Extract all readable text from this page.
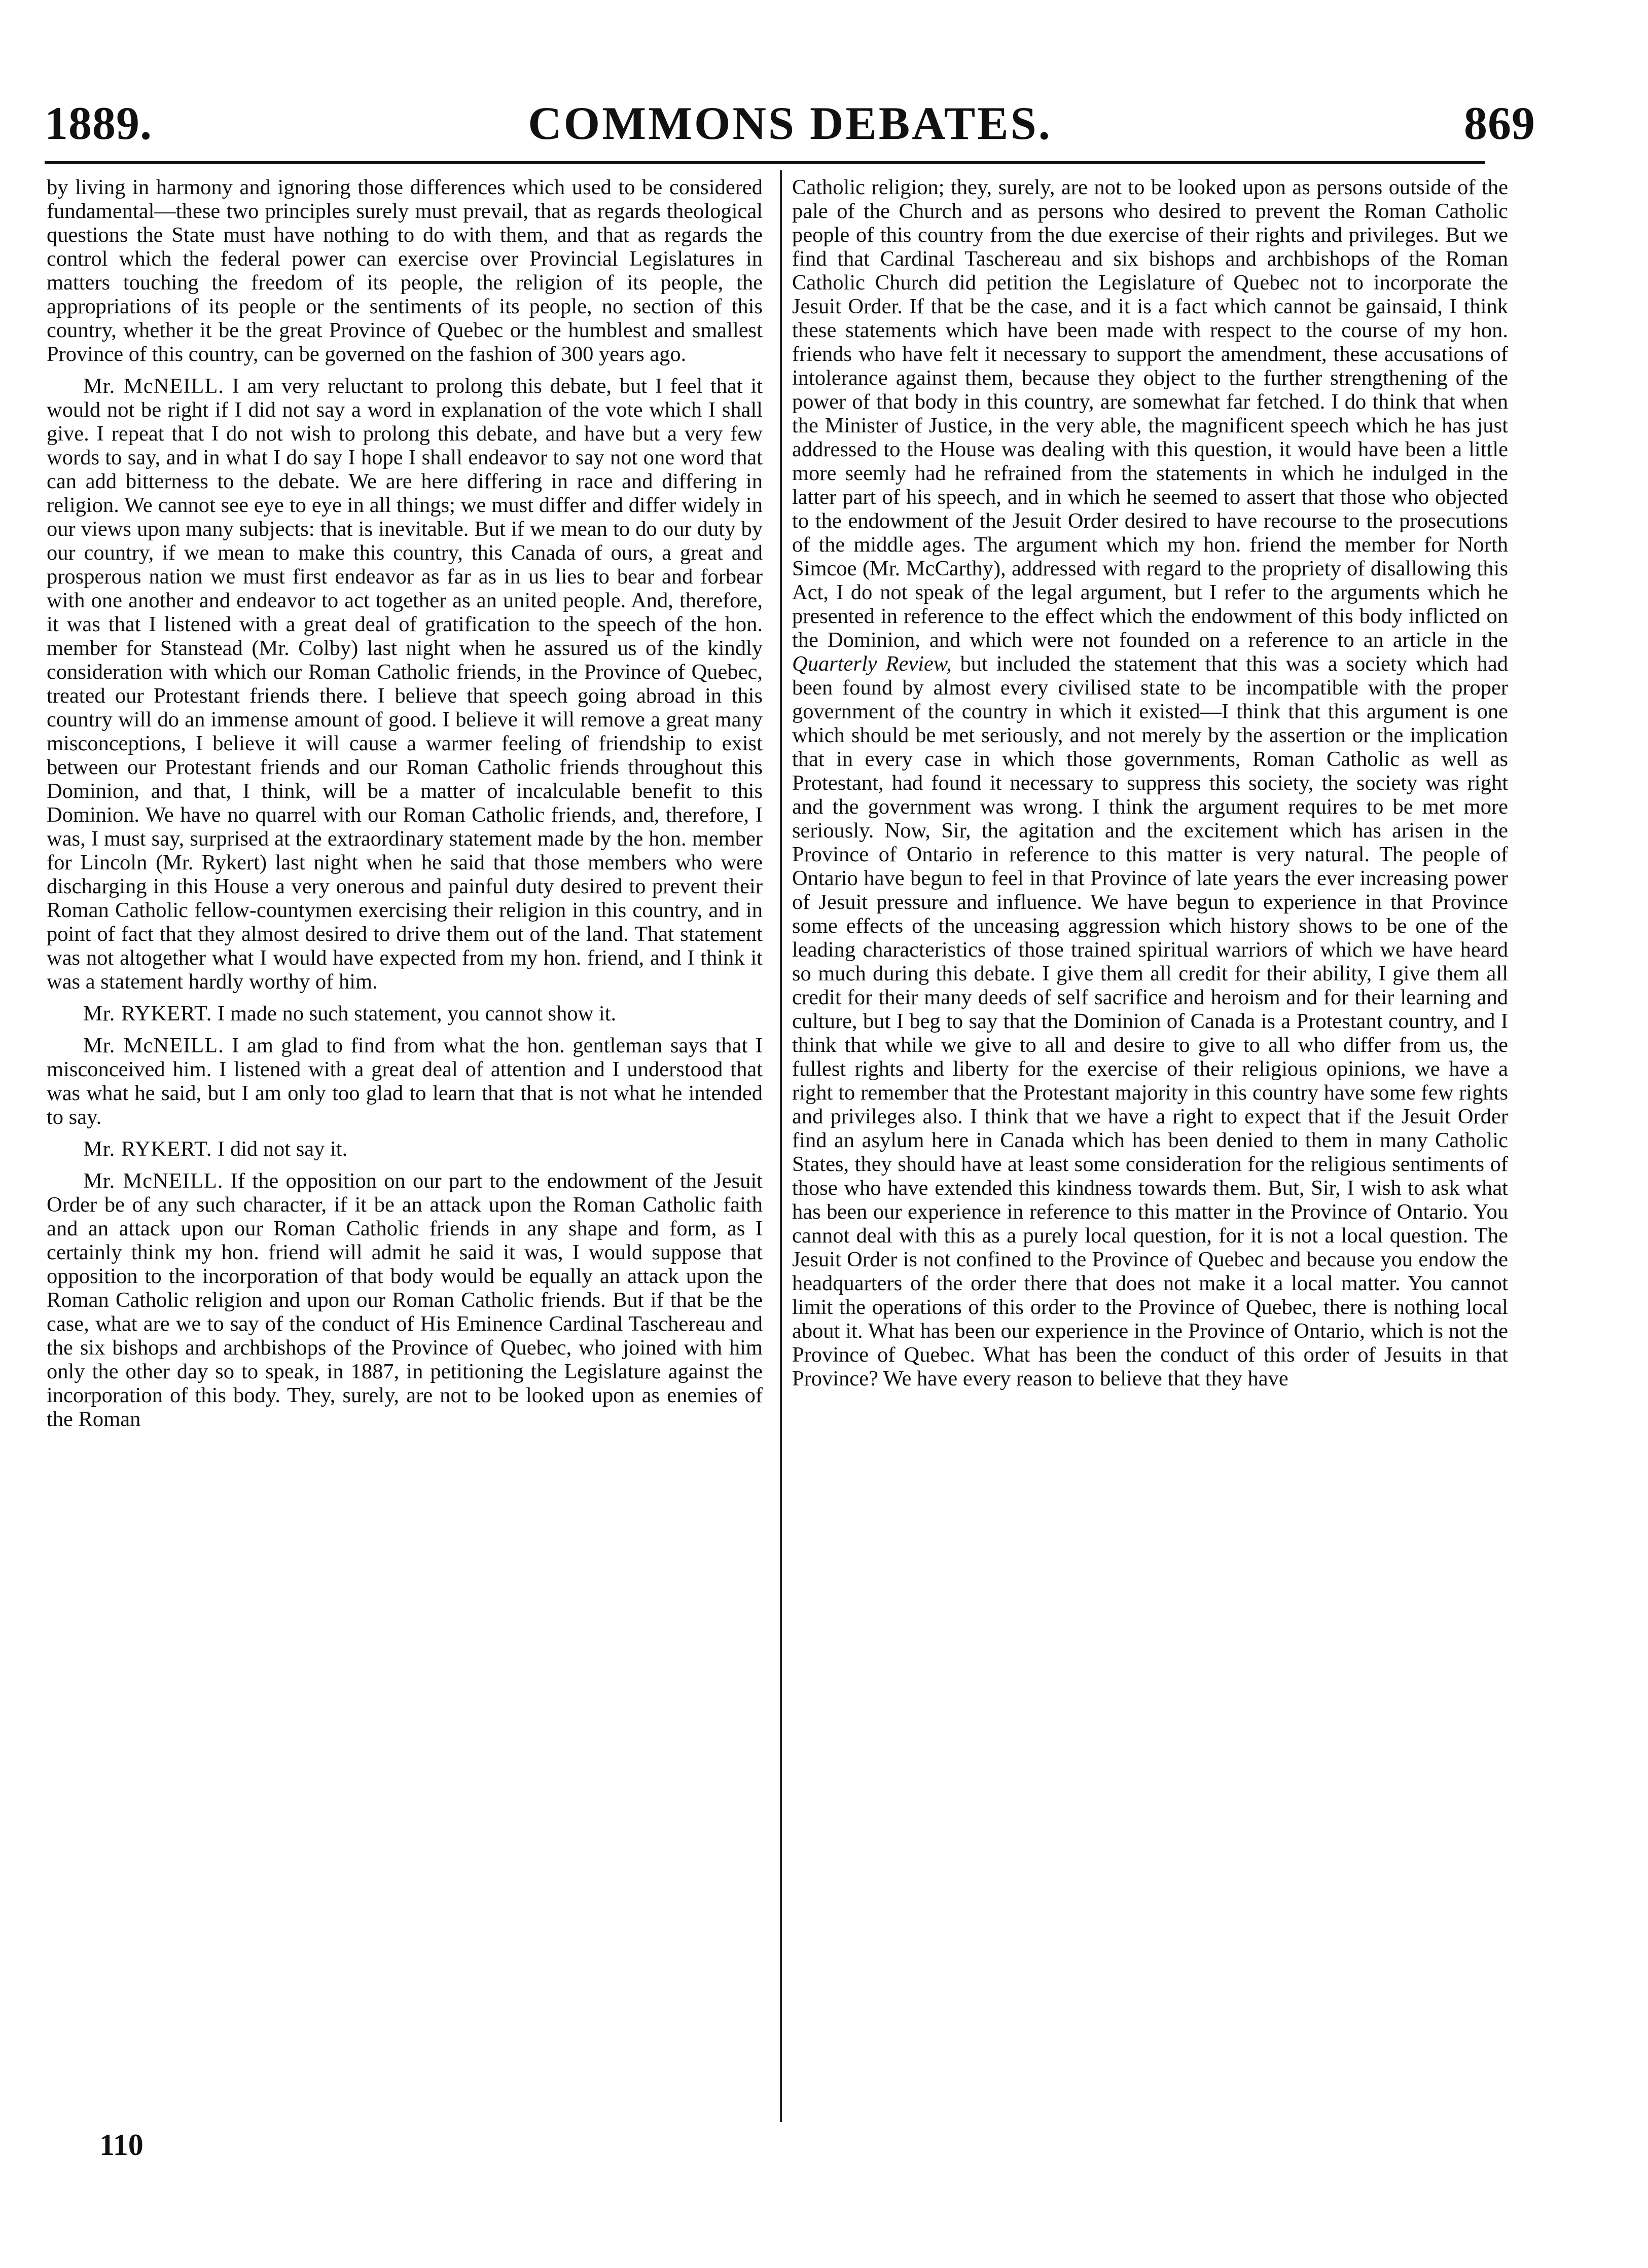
COMMONS DEBATES.
1889.	869

by living in harmony and ignoring those differences which used to be considered fundamental—these two principles surely must prevail, that as regards theological questions the State must have nothing to do with them, and that as regards the control which the federal power can exercise over Provincial Legislatures in matters touching the freedom of its people, the religion of its people, the appropriations of its people or the sentiments of its people, no section of this country, whether it be the great Province of Quebec or the humblest and smallest Province of this country, can be governed on the fashion of 300 years ago.

Mr. McNEILL. I am very reluctant to prolong this debate, but I feel that it would not be right if I did not say a word in explanation of the vote which I shall give. I repeat that I do not wish to prolong this debate, and have but a very few words to say, and in what I do say I hope I shall endeavor to say not one word that can add bitterness to the debate. We are here differing in race and differing in religion. We cannot see eye to eye in all things; we must differ and differ widely in our views upon many subjects: that is inevitable. But if we mean to do our duty by our country, if we mean to make this country, this Canada of ours, a great and prosperous nation we must first endeavor as far as in us lies to bear and forbear with one another and endeavor to act together as an united people. And, therefore, it was that I listened with a great deal of gratification to the speech of the hon. member for Stanstead (Mr. Colby) last night when he assured us of the kindly consideration with which our Roman Catholic friends, in the Province of Quebec, treated our Protestant friends there. I believe that speech going abroad in this country will do an immense amount of good. I believe it will remove a great many misconceptions, I believe it will cause a warmer feeling of friendship to exist between our Protestant friends and our Roman Catholic friends throughout this Dominion, and that, I think, will be a matter of incalculable benefit to this Dominion. We have no quarrel with our Roman Catholic friends, and, therefore, I was, I must say, surprised at the extraordinary statement made by the hon. member for Lincoln (Mr. Rykert) last night when he said that those members who were discharging in this House a very onerous and painful duty desired to prevent their Roman Catholic fellow-countymen exercising their religion in this country, and in point of fact that they almost desired to drive them out of the land. That statement was not altogether what I would have expected from my hon. friend, and I think it was a statement hardly worthy of him.

Mr. RYKERT. I made no such statement, you cannot show it.

Mr. McNEILL. I am glad to find from what the hon. gentleman says that I misconceived him. I listened with a great deal of attention and I understood that was what he said, but I am only too glad to learn that that is not what he intended to say.

Mr. RYKERT. I did not say it.

Mr. McNEILL. If the opposition on our part to the endowment of the Jesuit Order be of any such character, if it be an attack upon the Roman Catholic faith and an attack upon our Roman Catholic friends in any shape and form, as I certainly think my hon. friend will admit he said it was, I would suppose that opposition to the incorporation of that body would be equally an attack upon the Roman Catholic religion and upon our Roman Catholic friends. But if that be the case, what are we to say of the conduct of His Eminence Cardinal Taschereau and the six bishops and archbishops of the Province of Quebec, who joined with him only the other day so to speak, in 1887, in petitioning the Legislature against the incorporation of this body. They, surely, are not to be looked upon as enemies of the Roman

Catholic religion; they, surely, are not to be looked upon as persons outside of the pale of the Church and as persons who desired to prevent the Roman Catholic people of this country from the due exercise of their rights and privileges. But we find that Cardinal Taschereau and six bishops and archbishops of the Roman Catholic Church did petition the Legislature of Quebec not to incorporate the Jesuit Order. If that be the case, and it is a fact which cannot be gainsaid, I think these statements which have been made with respect to the course of my hon. friends who have felt it necessary to support the amendment, these accusations of intolerance against them, because they object to the further strengthening of the power of that body in this country, are somewhat far fetched. I do think that when the Minister of Justice, in the very able, the magnificent speech which he has just addressed to the House was dealing with this question, it would have been a little more seemly had he refrained from the statements in which he indulged in the latter part of his speech, and in which he seemed to assert that those who objected to the endowment of the Jesuit Order desired to have recourse to the prosecutions of the middle ages. The argument which my hon. friend the member for North Simcoe (Mr. McCarthy), addressed with regard to the propriety of disallowing this Act, I do not speak of the legal argument, but I refer to the arguments which he presented in reference to the effect which the endowment of this body inflicted on the Dominion, and which were not founded on a reference to an article in the Quarterly Review, but included the statement that this was a society which had been found by almost every civilised state to be incompatible with the proper government of the country in which it existed—I think that this argument is one which should be met seriously, and not merely by the assertion or the implication that in every case in which those governments, Roman Catholic as well as Protestant, had found it necessary to suppress this society, the society was right and the government was wrong. I think the argument requires to be met more seriously. Now, Sir, the agitation and the excitement which has arisen in the Province of Ontario in reference to this matter is very natural. The people of Ontario have begun to feel in that Province of late years the ever increasing power of Jesuit pressure and influence. We have begun to experience in that Province some effects of the unceasing aggression which history shows to be one of the leading characteristics of those trained spiritual warriors of which we have heard so much during this debate. I give them all credit for their ability, I give them all credit for their many deeds of self sacrifice and heroism and for their learning and culture, but I beg to say that the Dominion of Canada is a Protestant country, and I think that while we give to all and desire to give to all who differ from us, the fullest rights and liberty for the exercise of their religious opinions, we have a right to remember that the Protestant majority in this country have some few rights and privileges also. I think that we have a right to expect that if the Jesuit Order find an asylum here in Canada which has been denied to them in many Catholic States, they should have at least some consideration for the religious sentiments of those who have extended this kindness towards them. But, Sir, I wish to ask what has been our experience in reference to this matter in the Province of Ontario. You cannot deal with this as a purely local question, for it is not a local question. The Jesuit Order is not confined to the Province of Quebec and because you endow the headquarters of the order there that does not make it a local matter. You cannot limit the operations of this order to the Province of Quebec, there is nothing local about it. What has been our experience in the Province of Ontario, which is not the Province of Quebec. What has been the conduct of this order of Jesuits in that Province? We have every reason to believe that they have

110
